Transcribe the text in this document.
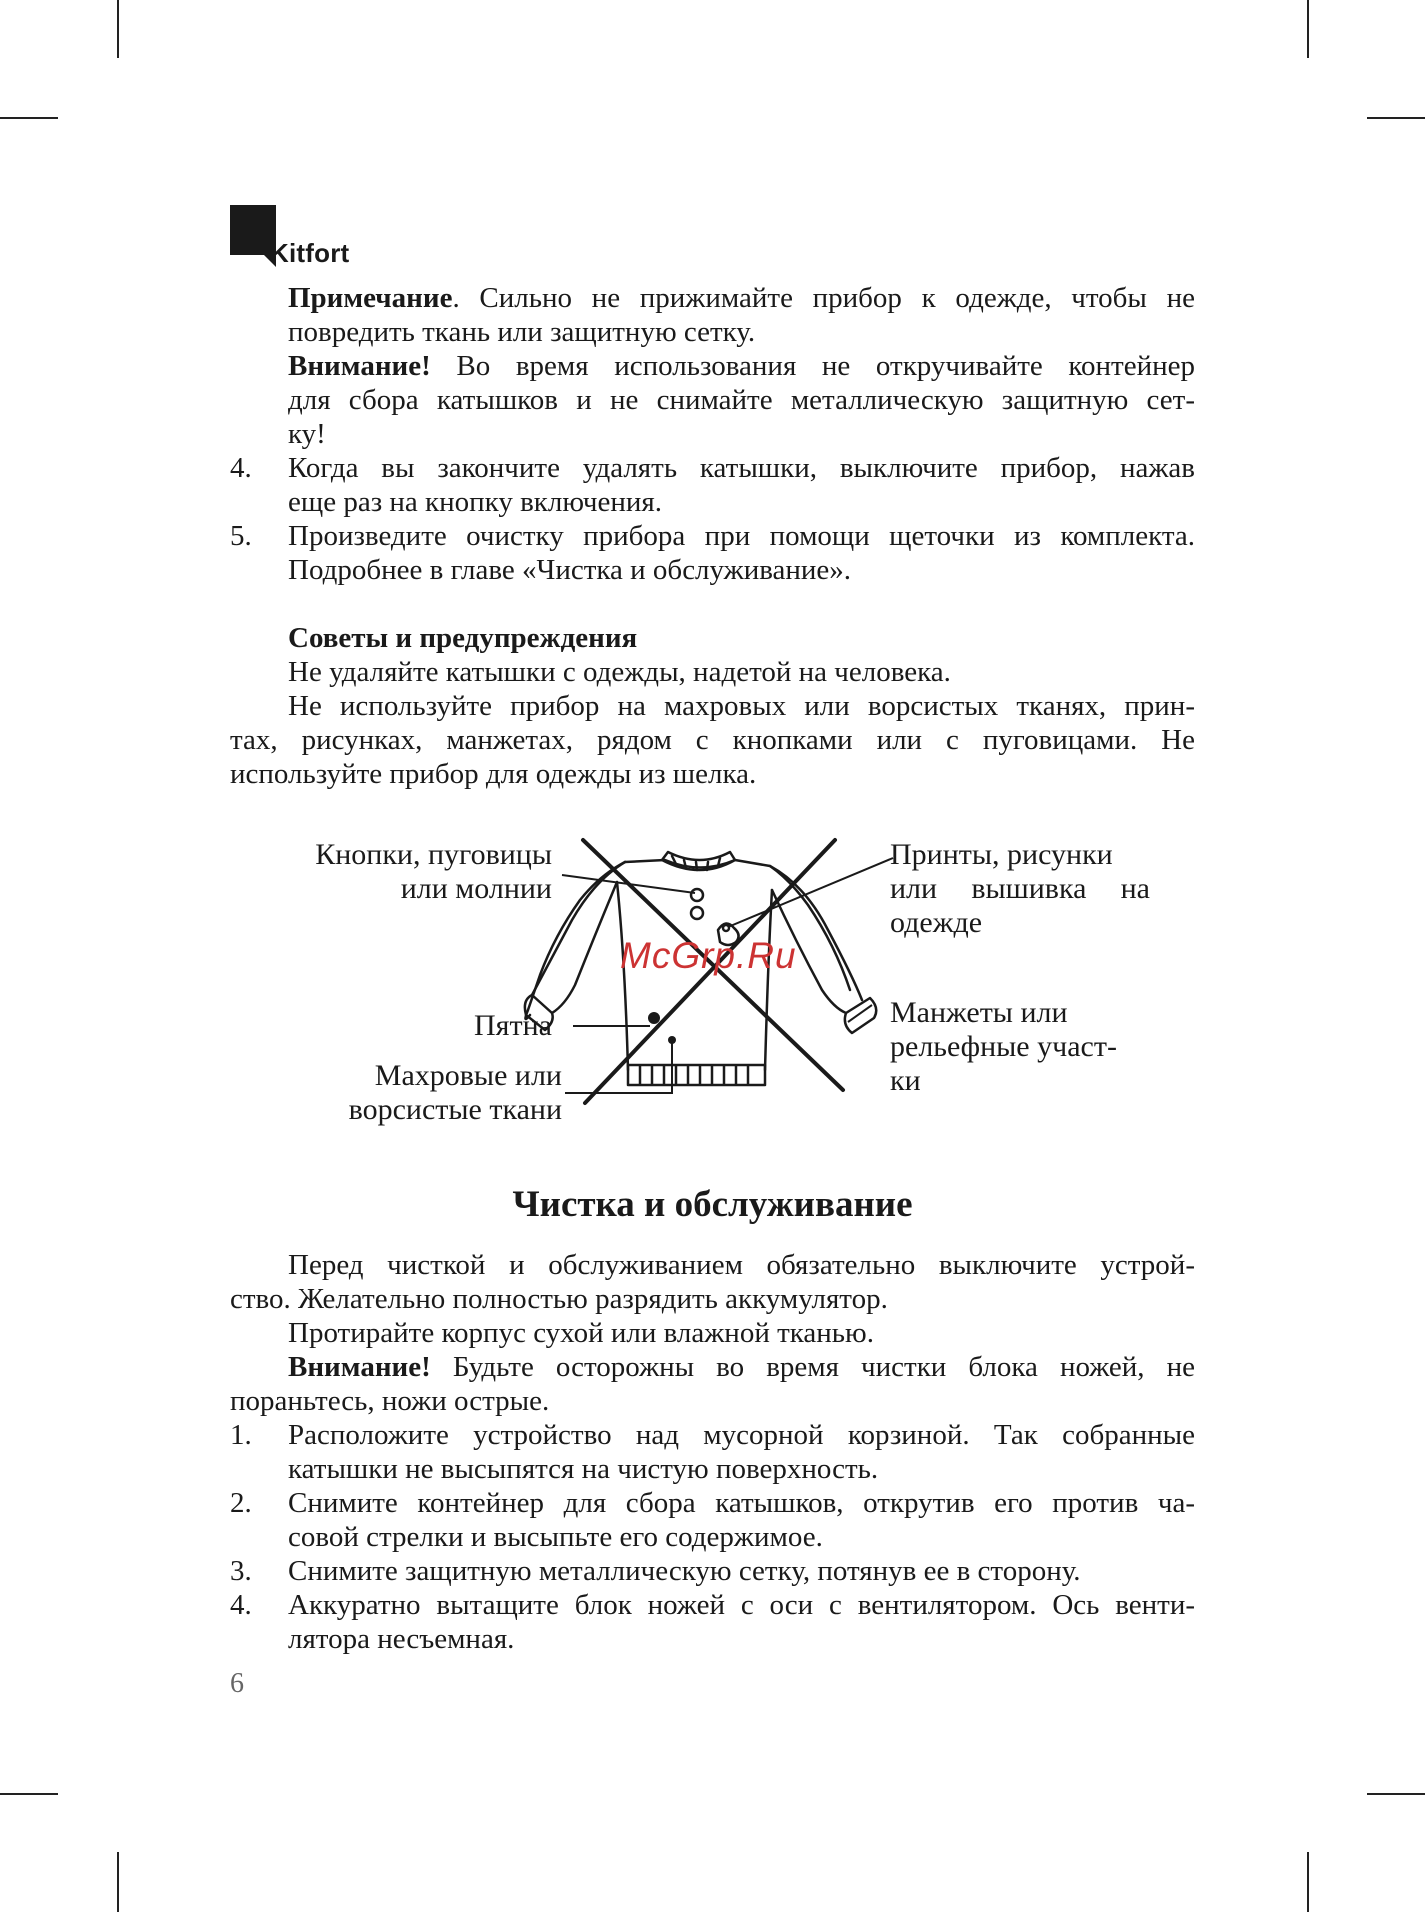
Kitfort
Примечание. Сильно не прижимайте прибор к одежде, чтобы не
повредить ткань или защитную сетку.
Внимание! Во время использования не откручивайте контейнер
для сбора катышков и не снимайте металлическую защитную сет-
ку!
4. Когда вы закончите удалять катышки, выключите прибор, нажав
еще раз на кнопку включения.
5. Произведите очистку прибора при помощи щеточки из комплекта.
Подробнее в главе «Чистка и обслуживание».
Советы и предупреждения
Не удаляйте катышки с одежды, надетой на человека.
Не используйте прибор на махровых или ворсистых тканях, прин-
тах, рисунках, манжетах, рядом с кнопками или с пуговицами. Не
используйте прибор для одежды из шелка.
Кнопки, пуговицы
или молнии
Принты, рисунки
или вышивка на
одежде
Пятна	Манжеты или
рельефные участ-
ки
Махровые или
ворсистые ткани
McGrp.Ru
Чистка и обслуживание
Перед чисткой и обслуживанием обязательно выключите устрой-
ство. Желательно полностью разрядить аккумулятор.
Протирайте корпус сухой или влажной тканью.
Внимание! Будьте осторожны во время чистки блока ножей, не
пораньтесь, ножи острые.
1. Расположите устройство над мусорной корзиной. Так собранные
катышки не высыпятся на чистую поверхность.
2. Снимите контейнер для сбора катышков, открутив его против ча-
совой стрелки и высыпьте его содержимое.
3. Снимите защитную металлическую сетку, потянув ее в сторону.
4. Аккуратно вытащите блок ножей с оси с вентилятором. Ось венти-
лятора несъемная.
6
